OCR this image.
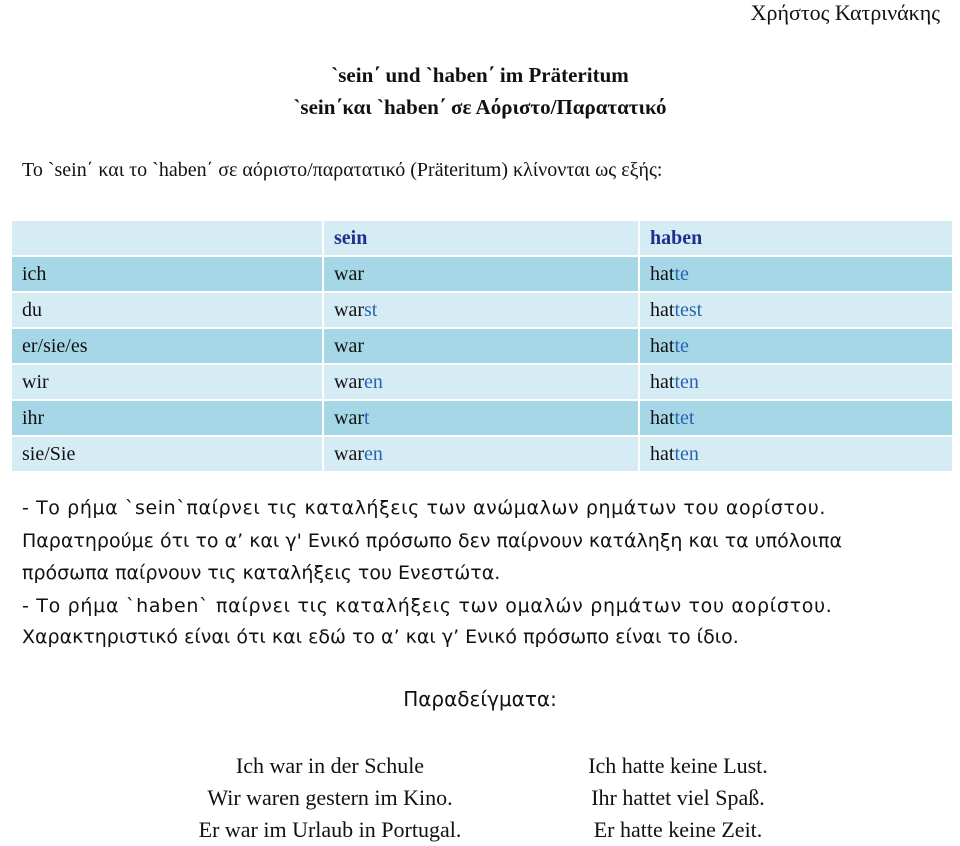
Χρήστος Κατρινάκης
`sein΄ und `haben΄ im Präteritum
`sein΄και `haben΄ σε Αόριστο/Παρατατικό
Το `sein΄ και το `haben΄ σε αόριστο/παρατατικό (Präteritum) κλίνονται ως εξής:
	sein	haben
ich	war	hatte
du	warst	hattest
er/sie/es	war	hatte
wir	waren	hatten
ihr	wart	hattet
sie/Sie	waren	hatten
- Το ρήμα `sein`παίρνει τις καταλήξεις των ανώμαλων ρημάτων του αορίστου.
Παρατηρούμε ότι το α’ και γ' Ενικό πρόσωπο δεν παίρνουν κατάληξη και τα υπόλοιπα
πρόσωπα παίρνουν τις καταλήξεις του Ενεστώτα.
- Το ρήμα `haben` παίρνει τις καταλήξεις των ομαλών ρημάτων του αορίστου.
Χαρακτηριστικό είναι ότι και εδώ το α’ και γ’ Ενικό πρόσωπο είναι το ίδιο.
Παραδείγματα:
Ich war in der Schule
Wir waren gestern im Kino.
Er war im Urlaub in Portugal.
Ich hatte keine Lust.
Ihr hattet viel Spaß.
Er hatte keine Zeit.
